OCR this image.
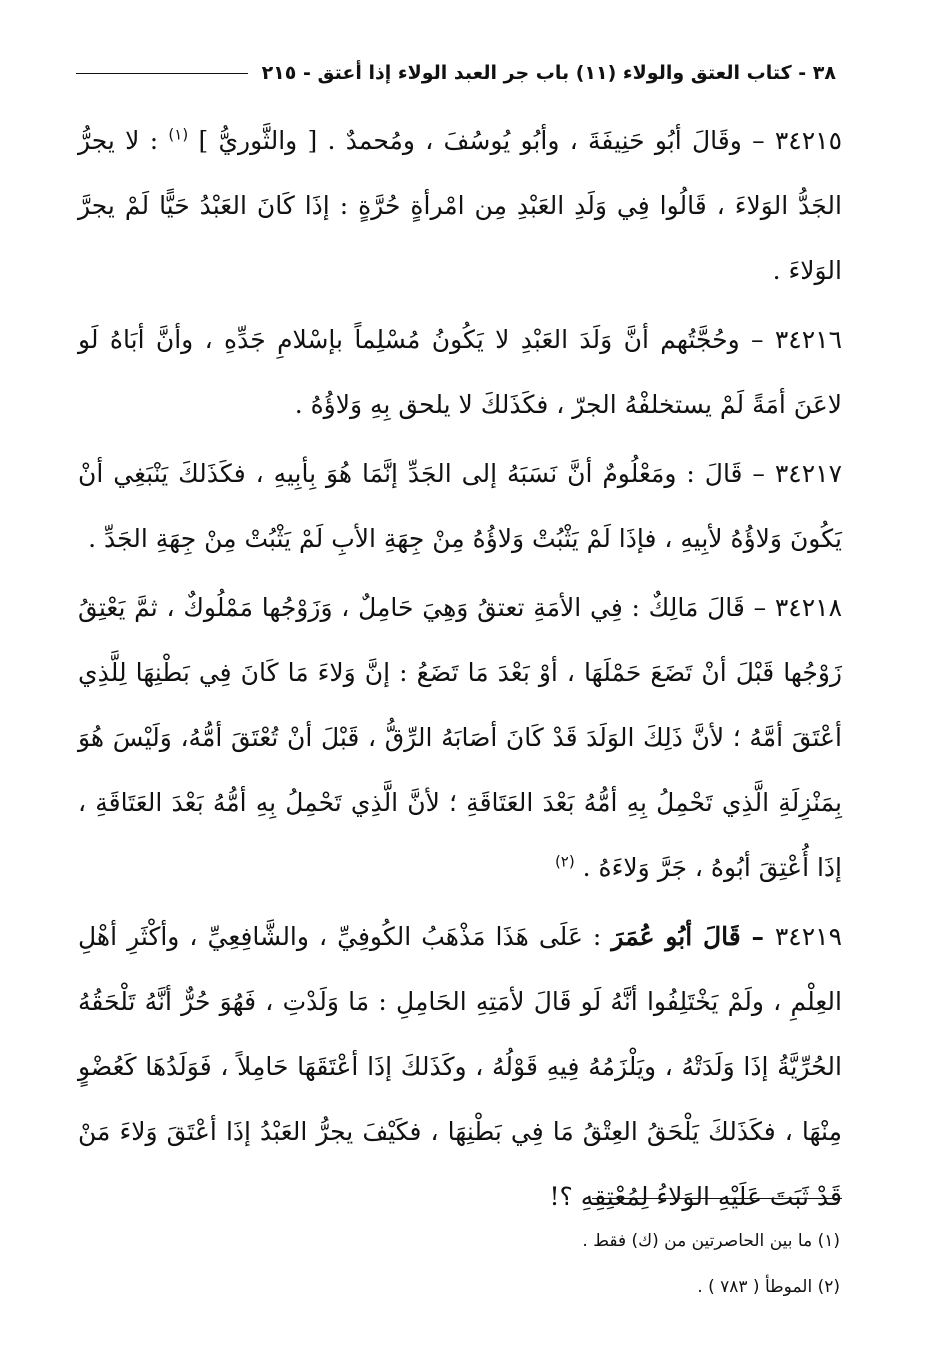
٣٨ - كتاب العتق والولاء (١١) باب جر العبد الولاء إذا أعتق - ٢١٥

٣٤٢١٥ – وقَالَ أبُو حَنِيفَةَ ، وأبُو يُوسُفَ ، ومُحمدٌ . [ والثَّوريُّ ] $^{(١)}$ : لا يجرُّ الجَدُّ الوَلاءَ ، قَالُوا فِي وَلَدِ العَبْدِ مِن امْرأةٍ حُرَّةٍ : إذَا كَانَ العَبْدُ حَيًّا لَمْ يجرَّ الوَلاءَ .

٣٤٢١٦ – وحُجَّتُهم أنَّ وَلَدَ العَبْدِ لا يَكُونُ مُسْلِماً بإسْلامِ جَدِّهِ ، وأنَّ أبَاهُ لَو لاعَنَ أمَةً لَمْ يستخلفْهُ الجرّ ، فكَذَلكَ لا يلحق بِهِ وَلاؤُهُ .

٣٤٢١٧ – قَالَ : ومَعْلُومٌ أنَّ نَسَبَهُ إلى الجَدِّ إنَّمَا هُوَ بِأبِيهِ ، فكَذَلكَ يَنْبَغِي أنْ يَكُونَ وَلاؤُهُ لأبِيهِ ، فإذَا لَمْ يَثْبُتْ وَلاؤُهُ مِنْ جِهَةِ الأبِ لَمْ يَثْبُتْ مِنْ جِهَةِ الجَدِّ .

٣٤٢١٨ – قَالَ مَالِكٌ : فِي الأمَةِ تعتقُ وَهِيَ حَامِلٌ ، وَزَوْجُها مَمْلُوكٌ ، ثمَّ يَعْتِقُ زَوْجُها قَبْلَ أنْ تَضَعَ حَمْلَهَا ، أوْ بَعْدَ مَا تَضَعُ : إنَّ وَلاءَ مَا كَانَ فِي بَطْنِهَا لِلَّذِي أعْتَقَ أمَّهُ ؛ لأنَّ ذَلِكَ الوَلَدَ قَدْ كَانَ أصَابَهُ الرِّقُّ ، قَبْلَ أنْ تُعْتَقَ أمُّهُ، وَلَيْسَ هُوَ بِمَنْزِلَةِ الَّذِي تَحْمِلُ بِهِ أمُّهُ بَعْدَ العَتَاقَةِ ؛ لأنَّ الَّذِي تَحْمِلُ بِهِ أمُّهُ بَعْدَ العَتَاقَةِ ، إذَا أُعْتِقَ أبُوهُ ، جَرَّ وَلاءَهُ . $^{(٢)}$

٣٤٢١٩ – قَالَ أبُو عُمَرَ : عَلَى هَذَا مَذْهَبُ الكُوفِيِّ ، والشَّافِعِيِّ ، وأكْثَرِ أهْلِ العِلْمِ ، ولَمْ يَخْتَلِفُوا أنَّهُ لَو قَالَ لأمَتِهِ الحَامِلِ : مَا وَلَدْتِ ، فَهُوَ حُرٌّ أنَّهُ تَلْحَقُهُ الحُرِّيَّةُ إذَا وَلَدَتْهُ ، ويَلْزَمُهُ فِيهِ قَوْلُهُ ، وكَذَلكَ إذَا أعْتَقَهَا حَامِلاً ، فَوَلَدُهَا كَعُضْوٍ مِنْهَا ، فكَذَلكَ يَلْحَقُ العِتْقُ مَا فِي بَطْنِهَا ، فكَيْفَ يجرُّ العَبْدُ إذَا أعْتَقَ وَلاءَ مَنْ قَدْ ثَبَتَ عَلَيْهِ الوَلاءُ لِمُعْتِقِهِ ؟!

(١) ما بين الحاصرتين من (ك) فقط .

(٢) الموطأ ( ٧٨٣ ) .
